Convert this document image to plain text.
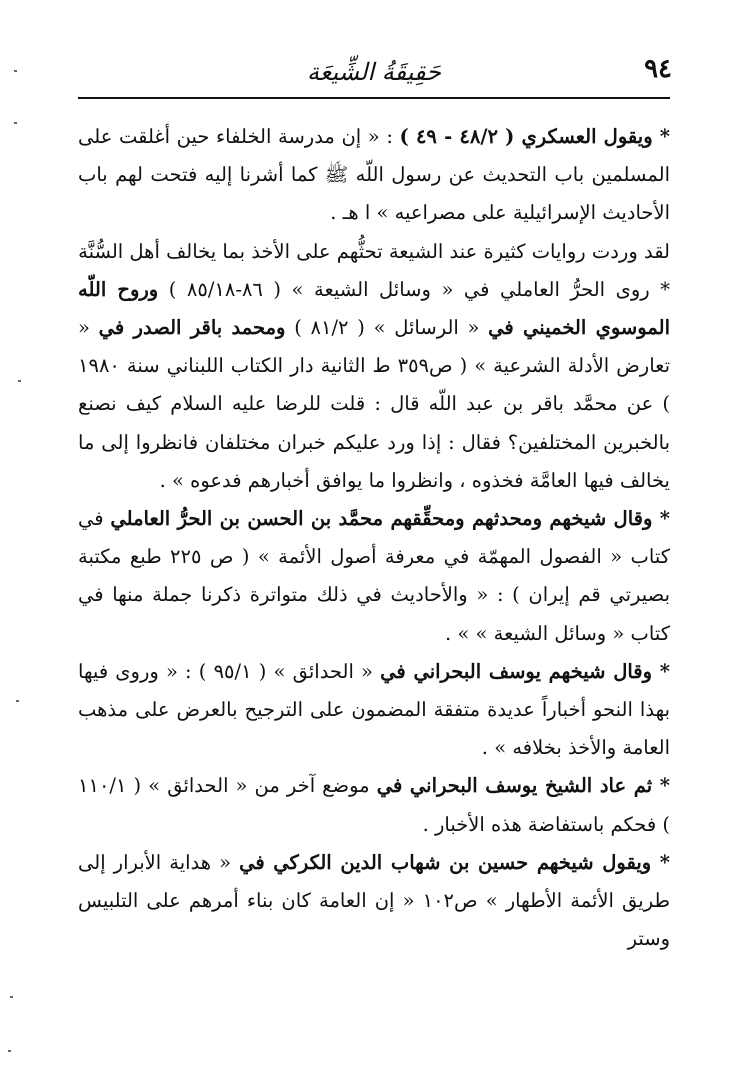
٩٤
حَقِيقَةُ الشِّيعَة

* ويقول العسكري ( ٤٨/٢ - ٤٩ ) : « إن مدرسة الخلفاء حين أغلقت على المسلمين باب التحديث عن رسول اللّه ﷺ كما أشرنا إليه فتحت لهم باب الأحاديث الإسرائيلية على مصراعيه » ا هـ .

لقد وردت روايات كثيرة عند الشيعة تحثُّهم على الأخذ بما يخالف أهل السُّنَّة

* روى الحرُّ العاملي في « وسائل الشيعة » ( ٨٦-٨٥/١٨ ) وروح اللّه الموسوي الخميني في « الرسائل » ( ٨١/٢ ) ومحمد باقر الصدر في « تعارض الأدلة الشرعية » ( ص٣٥٩ ط الثانية دار الكتاب اللبناني سنة ١٩٨٠ ) عن محمَّد باقر بن عبد اللّه قال : قلت للرضا عليه السلام كيف نصنع بالخبرين المختلفين؟ فقال : إذا ورد عليكم خبران مختلفان فانظروا إلى ما يخالف فيها العامَّة فخذوه ، وانظروا ما يوافق أخبارهم فدعوه » .

* وقال شيخهم ومحدثهم ومحقِّقهم محمَّد بن الحسن بن الحرُّ العاملي في كتاب « الفصول المهمّة في معرفة أصول الأئمة » ( ص ٢٢٥ طبع مكتبة بصيرتي قم إيران ) : « والأحاديث في ذلك متواترة ذكرنا جملة منها في كتاب « وسائل الشيعة » » .

* وقال شيخهم يوسف البحراني في « الحدائق » ( ٩٥/١ ) : « وروى فيها بهذا النحو أخباراً عديدة متفقة المضمون على الترجيح بالعرض على مذهب العامة والأخذ بخلافه » .

* ثم عاد الشيخ يوسف البحراني في موضع آخر من « الحدائق » ( ١١٠/١ ) فحكم باستفاضة هذه الأخبار .

* ويقول شيخهم حسين بن شهاب الدين الكركي في « هداية الأبرار إلى طريق الأئمة الأطهار » ص١٠٢ « إن العامة كان بناء أمرهم على التلبيس وستر
